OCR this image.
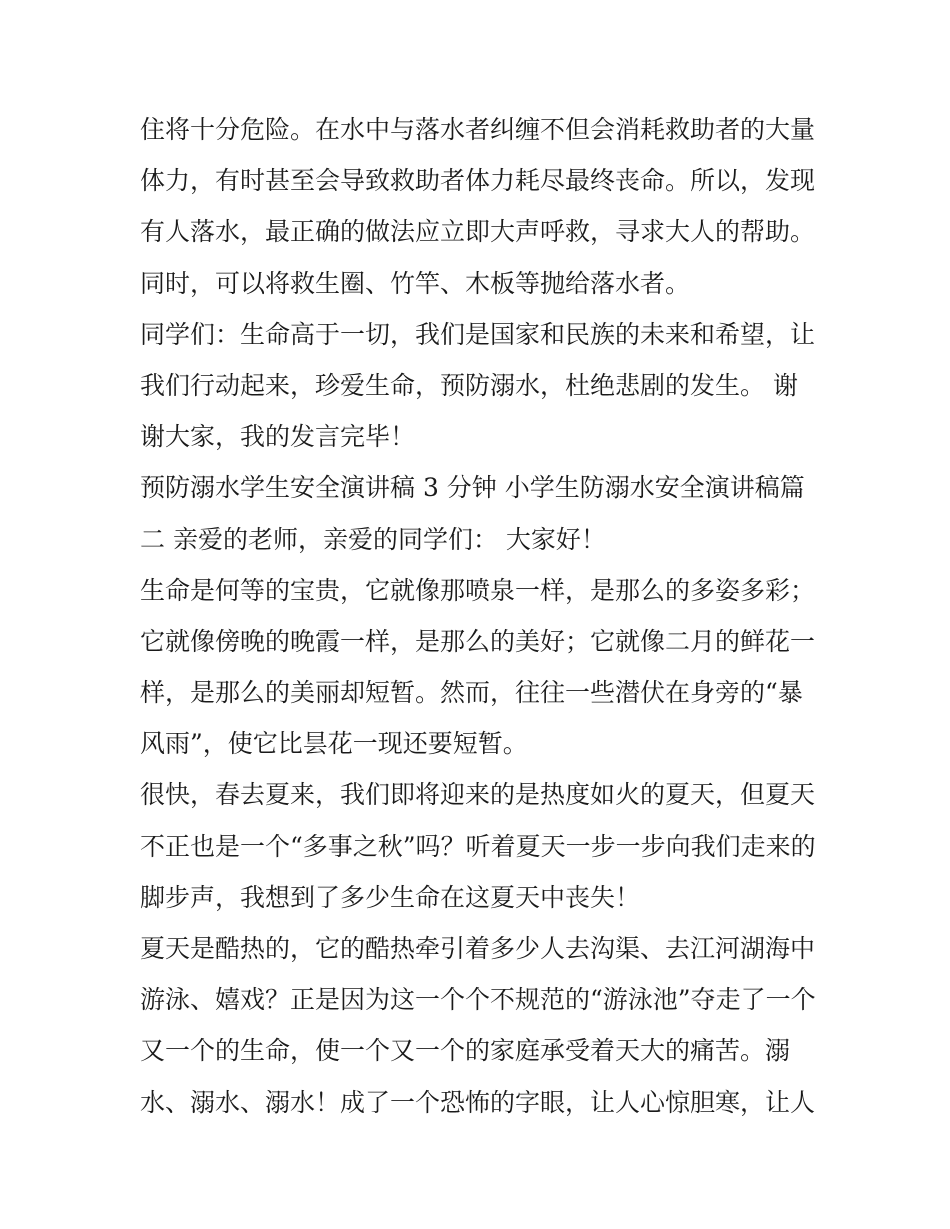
住将十分危险。在水中与落水者纠缠不但会消耗救助者的大量
体力，有时甚至会导致救助者体力耗尽最终丧命。所以，发现
有人落水，最正确的做法应立即大声呼救，寻求大人的帮助。
同时，可以将救生圈、竹竿、木板等抛给落水者。
同学们：生命高于一切，我们是国家和民族的未来和希望，让
我们行动起来，珍爱生命，预防溺水，杜绝悲剧的发生。 谢
谢大家，我的发言完毕！
预防溺水学生安全演讲稿 3 分钟 小学生防溺水安全演讲稿篇
二 亲爱的老师，亲爱的同学们： 大家好！
生命是何等的宝贵，它就像那喷泉一样，是那么的多姿多彩；
它就像傍晚的晚霞一样，是那么的美好；它就像二月的鲜花一
样，是那么的美丽却短暂。然而，往往一些潜伏在身旁的“暴
风雨”，使它比昙花一现还要短暂。
很快，春去夏来，我们即将迎来的是热度如火的夏天，但夏天
不正也是一个“多事之秋”吗？听着夏天一步一步向我们走来的
脚步声，我想到了多少生命在这夏天中丧失！
夏天是酷热的，它的酷热牵引着多少人去沟渠、去江河湖海中
游泳、嬉戏？正是因为这一个个不规范的“游泳池”夺走了一个
又一个的生命，使一个又一个的家庭承受着天大的痛苦。溺
水、溺水、溺水！成了一个恐怖的字眼，让人心惊胆寒，让人
